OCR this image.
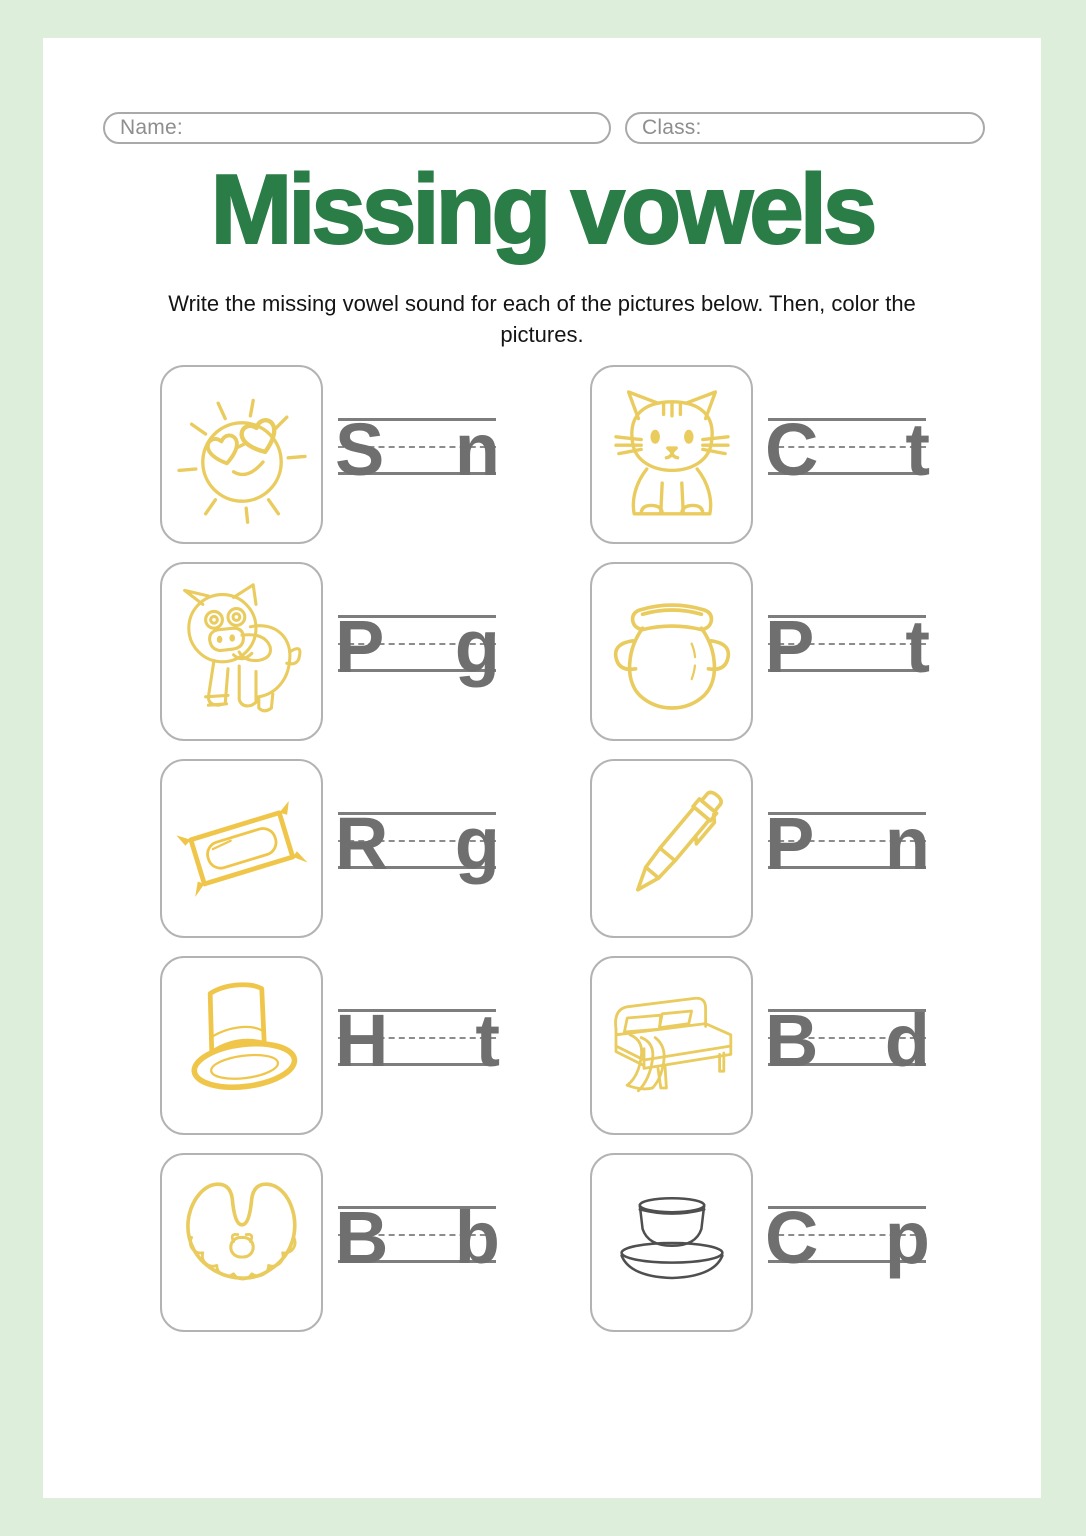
Name:	Class:
Missing vowels

Write the missing vowel sound for each of the pictures below. Then, color the pictures.

S n	C t
P g	P t
R g	P n
H t	B d
B b	C p
